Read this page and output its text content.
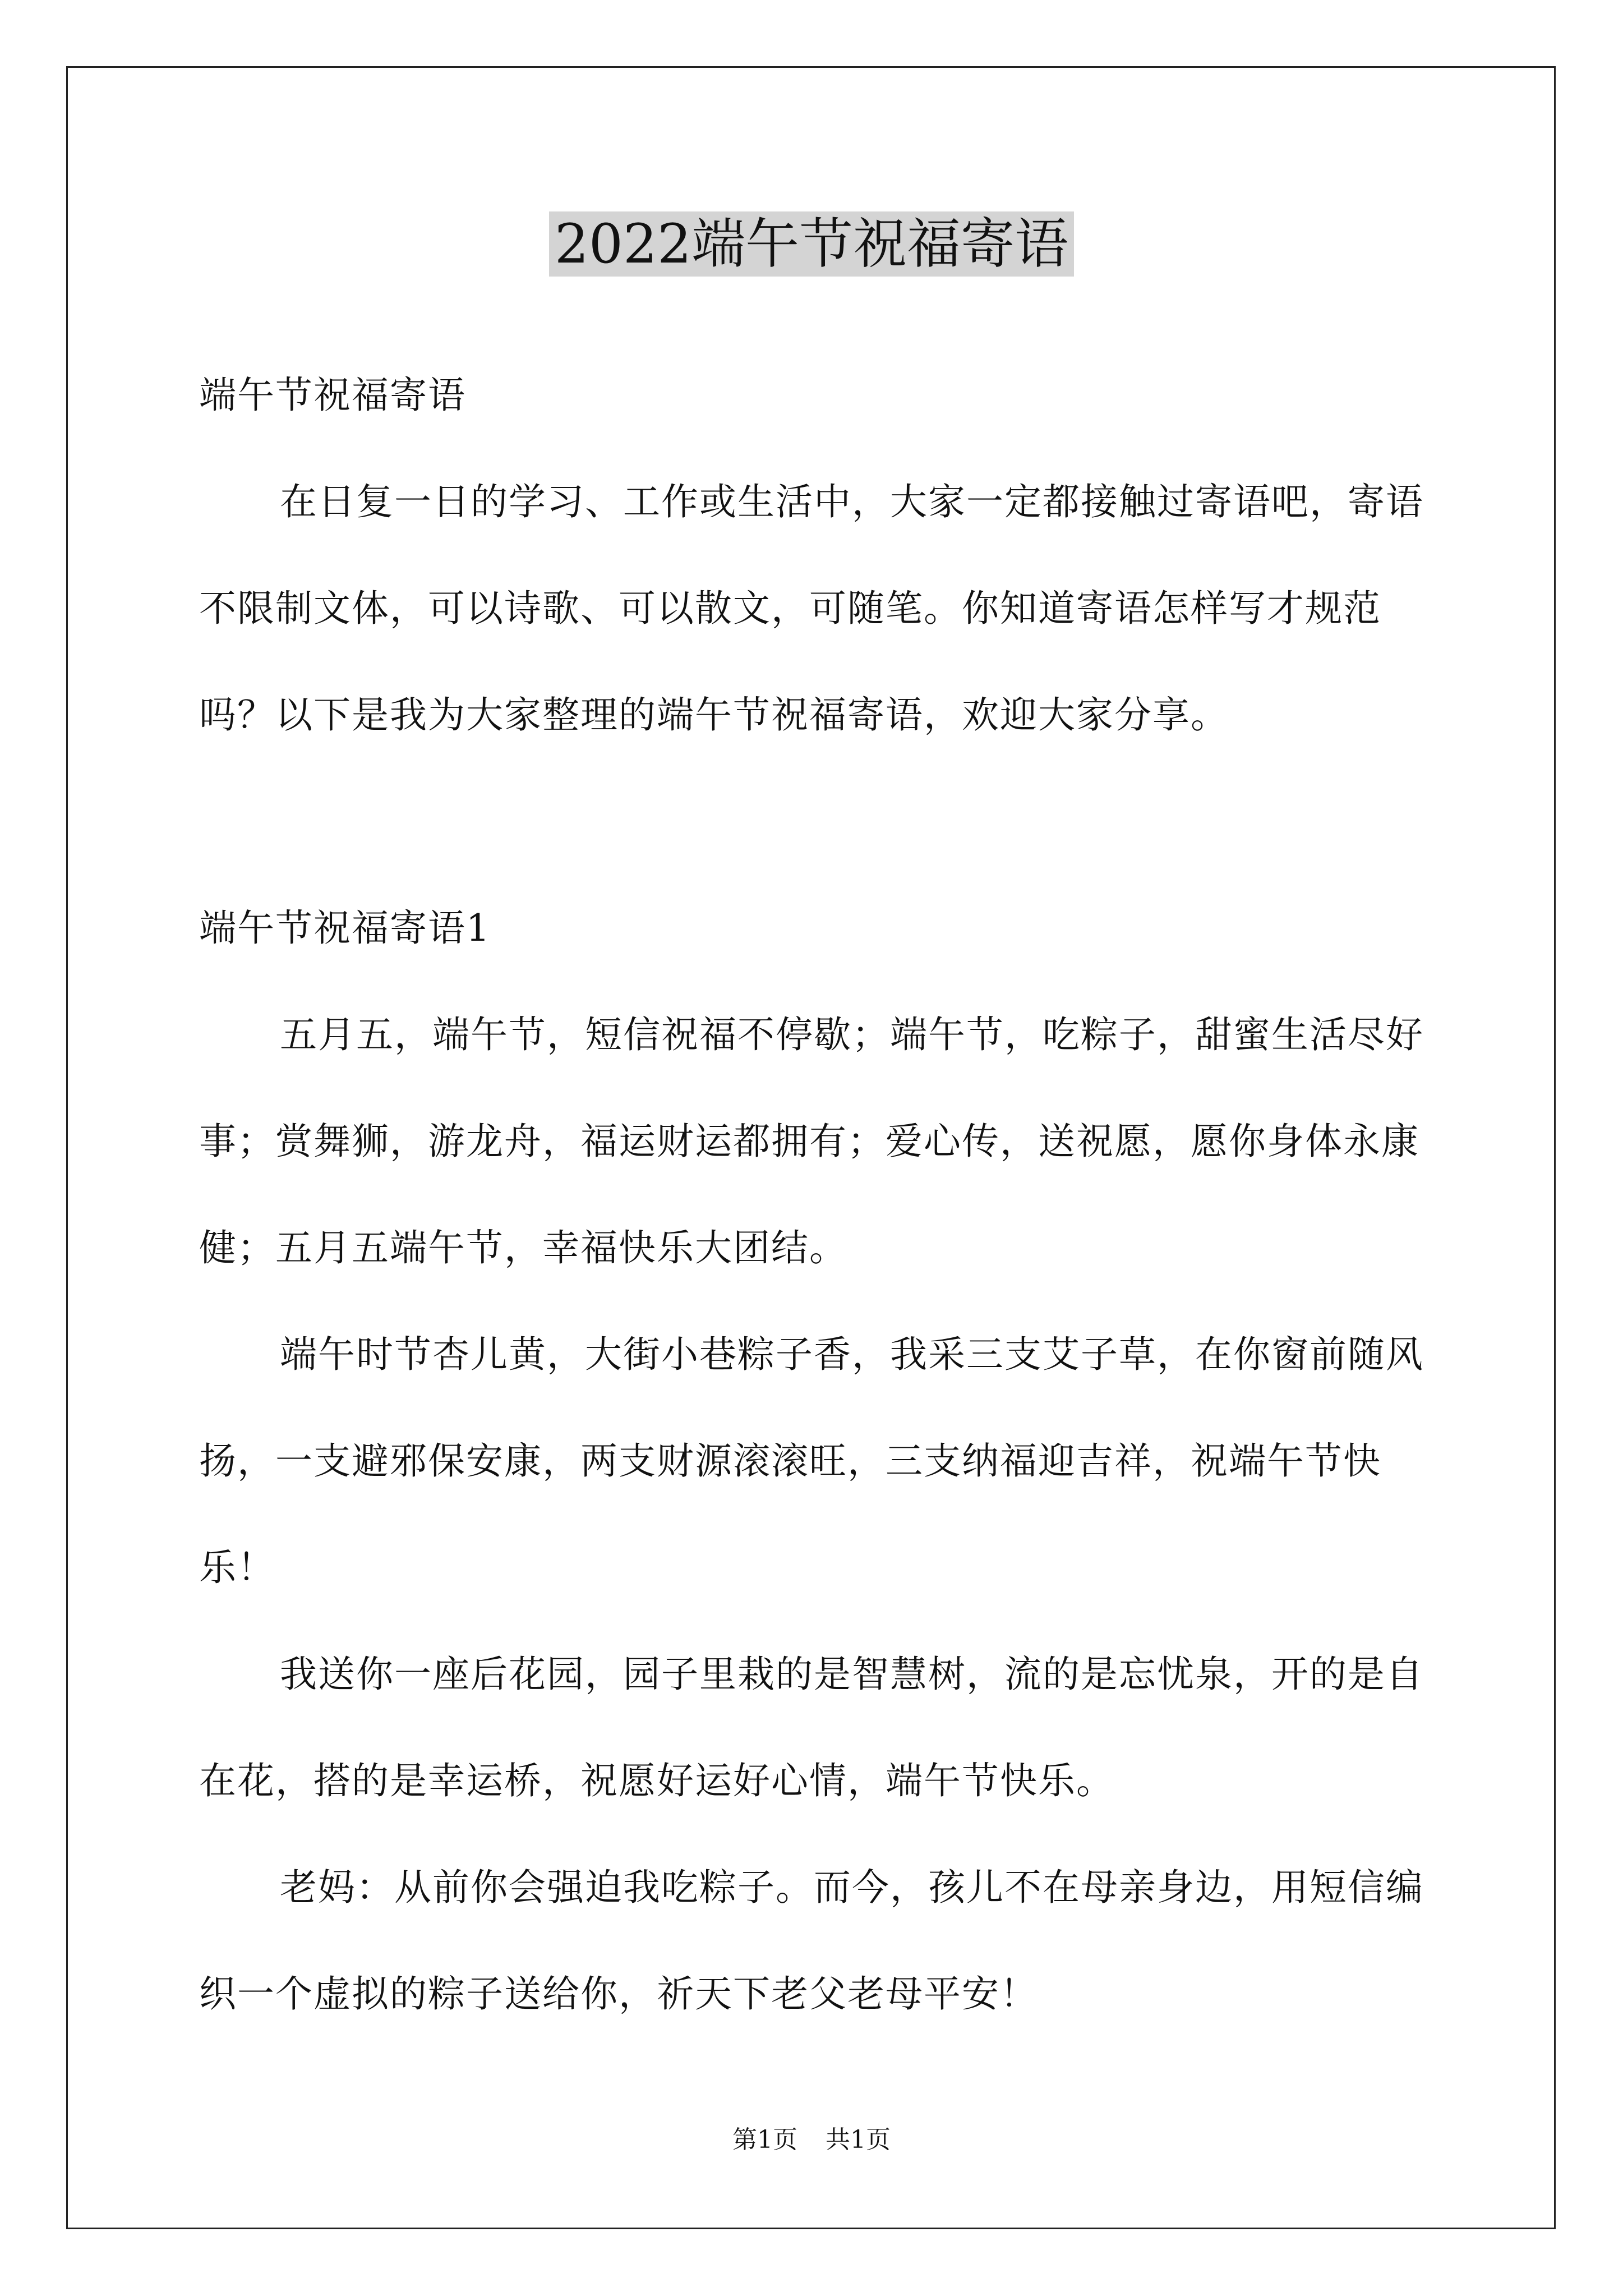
2022端午节祝福寄语

端午节祝福寄语

在日复一日的学习、工作或生活中，大家一定都接触过寄语吧，寄语不限制文体，可以诗歌、可以散文，可随笔。你知道寄语怎样写才规范吗？以下是我为大家整理的端午节祝福寄语，欢迎大家分享。

端午节祝福寄语1

五月五，端午节，短信祝福不停歇；端午节，吃粽子，甜蜜生活尽好事；赏舞狮，游龙舟，福运财运都拥有；爱心传，送祝愿，愿你身体永康健；五月五端午节，幸福快乐大团结。

端午时节杏儿黄，大街小巷粽子香，我采三支艾子草，在你窗前随风扬，一支避邪保安康，两支财源滚滚旺，三支纳福迎吉祥，祝端午节快乐！

我送你一座后花园，园子里栽的是智慧树，流的是忘忧泉，开的是自在花，搭的是幸运桥，祝愿好运好心情，端午节快乐。

老妈：从前你会强迫我吃粽子。而今，孩儿不在母亲身边，用短信编织一个虚拟的粽子送给你，祈天下老父老母平安！

第1页 共1页
